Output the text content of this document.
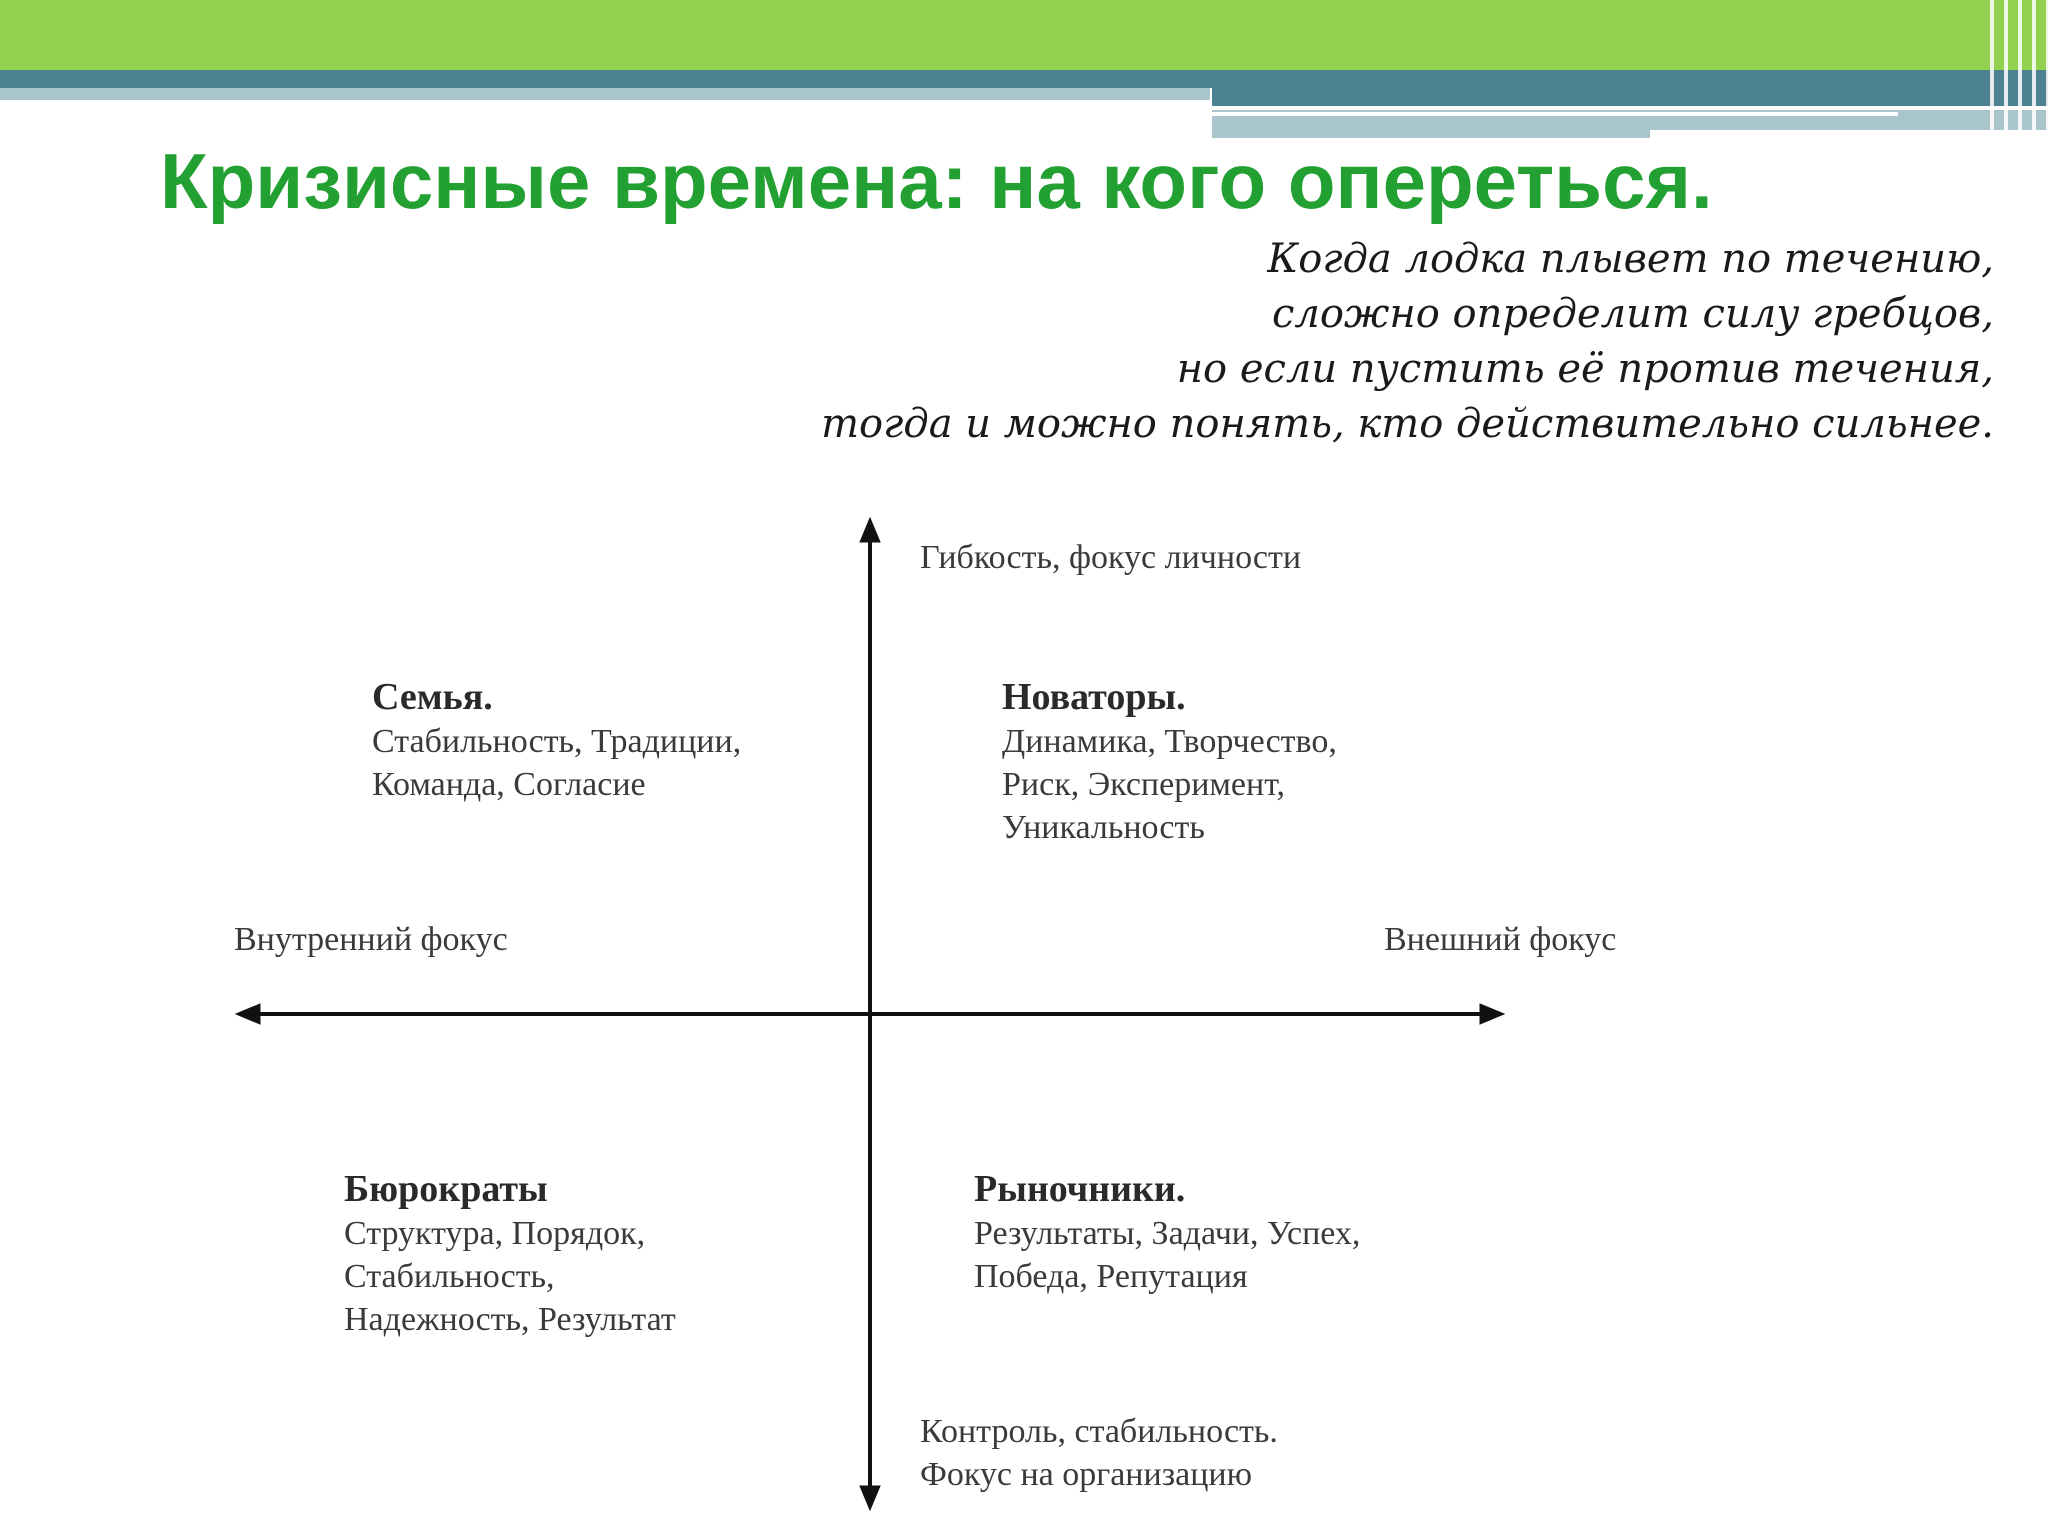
Кризисные времена: на кого опереться.
Когда лодка плывет по течению,
сложно определит силу гребцов,
но если пустить её против течения,
тогда и можно понять, кто действительно сильнее.
Гибкость, фокус личности
Внутренний фокус	Внешний фокус
Контроль, стабильность.
Фокус на организацию
Семья.
Стабильность, Традиции,
Команда, Согласие
Новаторы.
Динамика, Творчество,
Риск, Эксперимент,
Уникальность
Бюрократы
Структура, Порядок,
Стабильность,
Надежность, Результат
Рыночники.
Результаты, Задачи, Успех,
Победа, Репутация
